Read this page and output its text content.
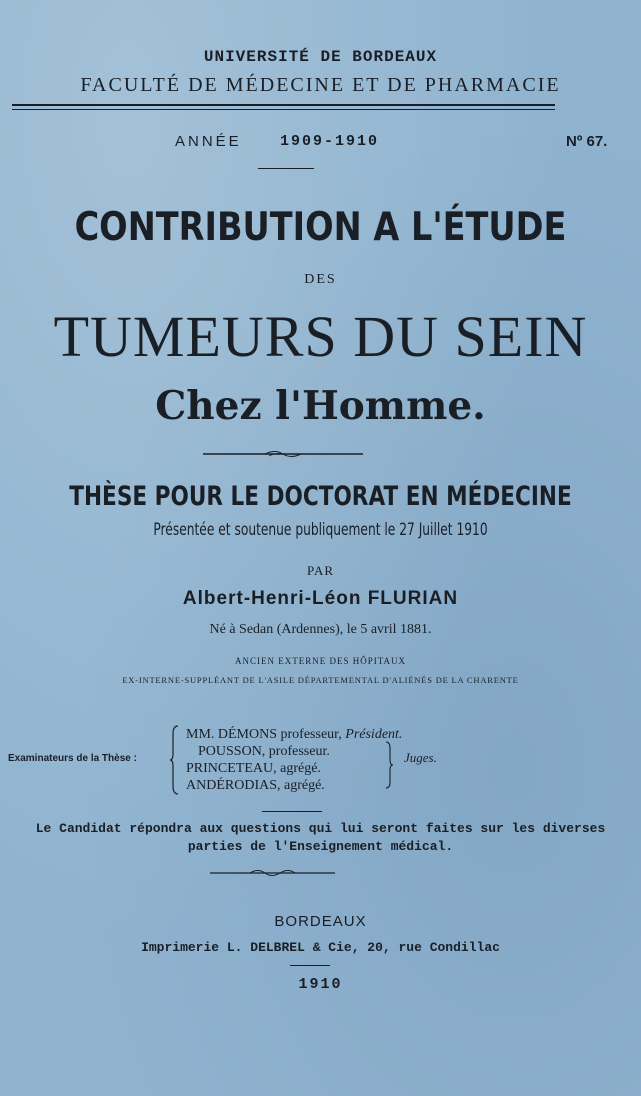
UNIVERSITÉ DE BORDEAUX
FACULTÉ DE MÉDECINE ET DE PHARMACIE
ANNÉE	1909-1910	Nº 67.
CONTRIBUTION A L'ÉTUDE
DES
TUMEURS DU SEIN
Chez l'Homme.
THÈSE POUR LE DOCTORAT EN MÉDECINE
Présentée et soutenue publiquement le 27 Juillet 1910
PAR
Albert-Henri-Léon FLURIAN
Né à Sedan (Ardennes), le 5 avril 1881.
ANCIEN EXTERNE DES HÔPITAUX
EX-INTERNE-SUPPLÉANT DE L'ASILE DÉPARTEMENTAL D'ALIÉNÉS DE LA CHARENTE
Examinateurs de la Thèse :
MM. DÉMONS professeur, Président.
POUSSON, professeur.
PRINCETEAU, agrégé.
ANDÉRODIAS, agrégé.
Juges.
Le Candidat répondra aux questions qui lui seront faites sur les diverses
parties de l'Enseignement médical.
BORDEAUX
Imprimerie L. DELBREL & Cie, 20, rue Condillac
1910
